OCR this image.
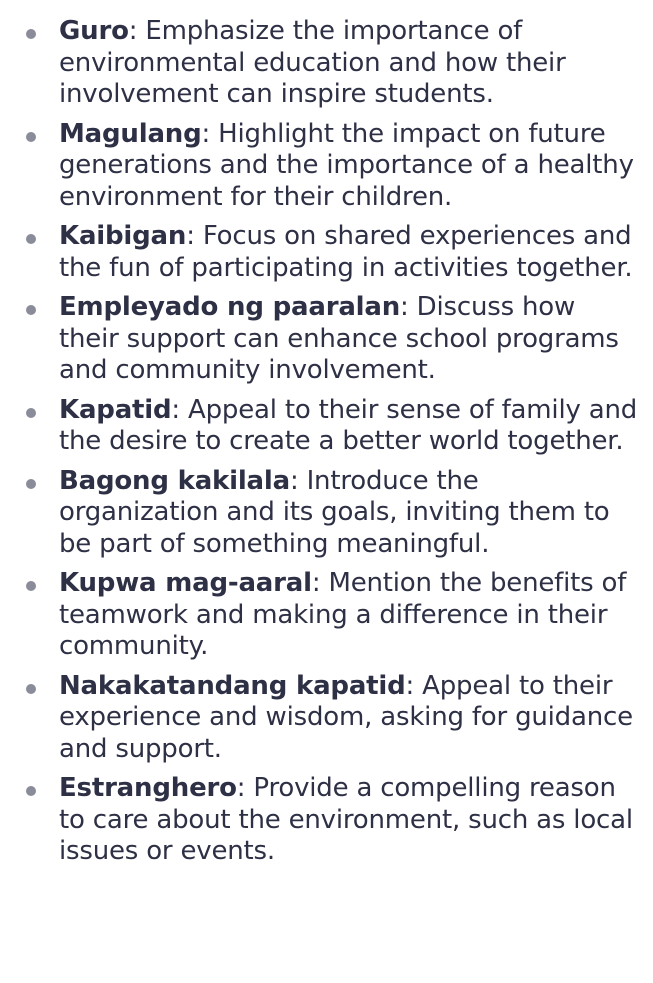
Guro: Emphasize the importance of environmental education and how their involvement can inspire students.
Magulang: Highlight the impact on future generations and the importance of a healthy environment for their children.
Kaibigan: Focus on shared experiences and the fun of participating in activities together.
Empleyado ng paaralan: Discuss how their support can enhance school programs and community involvement.
Kapatid: Appeal to their sense of family and the desire to create a better world together.
Bagong kakilala: Introduce the organization and its goals, inviting them to be part of something meaningful.
Kupwa mag-aaral: Mention the benefits of teamwork and making a difference in their community.
Nakakatandang kapatid: Appeal to their experience and wisdom, asking for guidance and support.
Estranghero: Provide a compelling reason to care about the environment, such as local issues or events.
